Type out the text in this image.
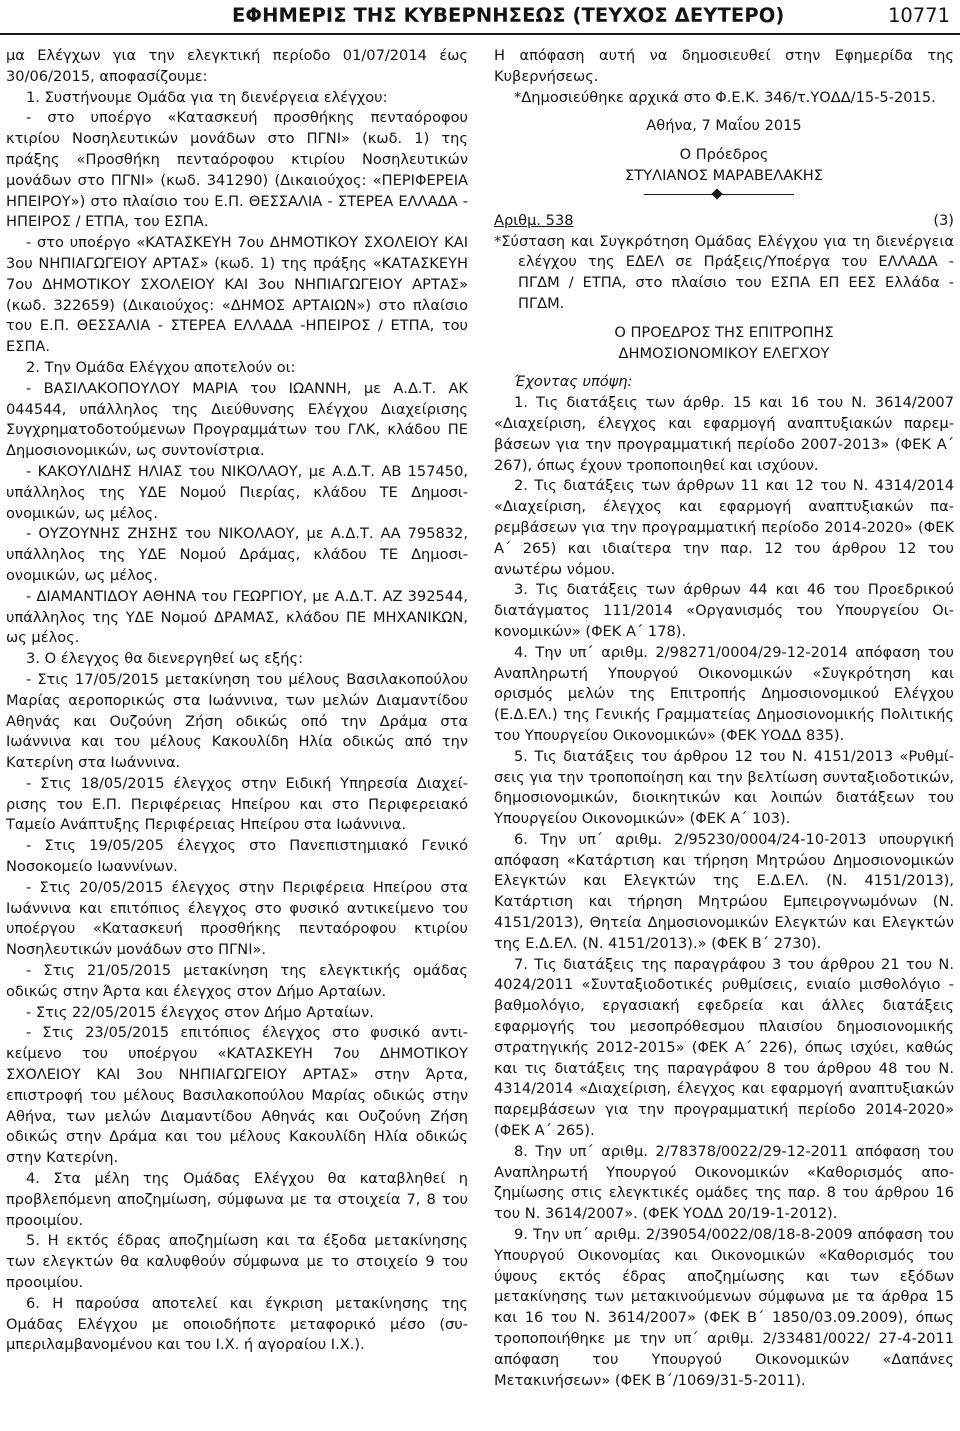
ΕΦΗΜΕΡΙΣ ΤΗΣ ΚΥΒΕΡΝΗΣΕΩΣ (ΤΕΥΧΟΣ ΔΕΥΤΕΡΟ)	10771

μα Ελέγχων για την ελεγκτική περίοδο 01/07/2014 έως 30/06/2015, αποφασίζουμε:

1. Συστήνουμε Ομάδα για τη διενέργεια ελέγχου:

- στο υποέργο «Κατασκευή προσθήκης πενταόροφου κτιρίου Νοσηλευτικών μονάδων στο ΠΓΝΙ» (κωδ. 1) της πράξης «Προσθήκη πενταόροφου κτιρίου Νοσηλευτικών μονάδων στο ΠΓΝΙ» (κωδ. 341290) (Δικαιούχος: «ΠΕΡΙΦΕΡΕΙΑ ΗΠΕΙΡΟΥ») στο πλαίσιο του Ε.Π. ΘΕΣΣΑΛΙΑ - ΣΤΕΡΕΑ ΕΛΛΑΔΑ - ΗΠΕΙΡΟΣ / ΕΤΠΑ, του ΕΣΠΑ.

- στο υποέργο «ΚΑΤΑΣΚΕΥΗ 7ου ΔΗΜΟΤΙΚΟΥ ΣΧΟΛΕΙΟΥ ΚΑΙ 3ου ΝΗΠΙΑΓΩΓΕΙΟΥ ΑΡΤΑΣ» (κωδ. 1) της πράξης «ΚΑΤΑΣΚΕΥΗ 7ου ΔΗΜΟΤΙΚΟΥ ΣΧΟΛΕΙΟΥ ΚΑΙ 3ου ΝΗΠΙΑΓΩΓΕΙΟΥ ΑΡΤΑΣ» (κωδ. 322659) (Δικαιούχος: «ΔΗΜΟΣ ΑΡΤΑΙΩΝ») στο πλαίσιο του Ε.Π. ΘΕΣΣΑΛΙΑ - ΣΤΕΡΕΑ ΕΛΛΑΔΑ -ΗΠΕΙΡΟΣ / ΕΤΠΑ, του ΕΣΠΑ.

2. Την Ομάδα Ελέγχου αποτελούν οι:

- ΒΑΣΙΛΑΚΟΠΟΥΛΟΥ ΜΑΡΙΑ του ΙΩΑΝΝΗ, με Α.Δ.Τ. ΑΚ 044544, υπάλληλος της Διεύθυνσης Ελέγχου Διαχείρισης Συγχρηματοδοτούμενων Προγραμμάτων του ΓΛΚ, κλάδου ΠΕ Δημοσιονομικών, ως συντονίστρια.

- ΚΑΚΟΥΛΙΔΗΣ ΗΛΙΑΣ του ΝΙΚΟΛΑΟΥ, με Α.Δ.Τ. ΑΒ 157450, υπάλληλος της ΥΔΕ Νομού Πιερίας, κλάδου ΤΕ Δημοσιονομικών, ως μέλος.

- ΟΥΖΟΥΝΗΣ ΖΗΣΗΣ του ΝΙΚΟΛΑΟΥ, με Α.Δ.Τ. ΑΑ 795832, υπάλληλος της ΥΔΕ Νομού Δράμας, κλάδου ΤΕ Δημοσιονομικών, ως μέλος.

- ΔΙΑΜΑΝΤΙΔΟΥ ΑΘΗΝΑ του ΓΕΩΡΓΙΟΥ, με Α.Δ.Τ. ΑΖ 392544, υπάλληλος της ΥΔΕ Νομού ΔΡΑΜΑΣ, κλάδου ΠΕ ΜΗΧΑΝΙΚΩΝ, ως μέλος.

3. Ο έλεγχος θα διενεργηθεί ως εξής:

- Στις 17/05/2015 μετακίνηση του μέλους Βασιλακοπούλου Μαρίας αεροπορικώς στα Ιωάννινα, των μελών Διαμαντίδου Αθηνάς και Ουζούνη Ζήση οδικώς οπό την Δράμα στα Ιωάννινα και του μέλους Κακουλίδη Ηλία οδικώς από την Κατερίνη στα Ιωάννινα.

- Στις 18/05/2015 έλεγχος στην Ειδική Υπηρεσία Διαχείρισης του Ε.Π. Περιφέρειας Ηπείρου και στο Περιφερειακό Ταμείο Ανάπτυξης Περιφέρειας Ηπείρου στα Ιωάννινα.

- Στις 19/05/205 έλεγχος στο Πανεπιστημιακό Γενικό Νοσοκομείο Ιωαννίνων.

- Στις 20/05/2015 έλεγχος στην Περιφέρεια Ηπείρου στα Ιωάννινα και επιτόπιος έλεγχος στο φυσικό αντικείμενο του υποέργου «Κατασκευή προσθήκης πενταόροφου κτιρίου Νοσηλευτικών μονάδων στο ΠΓΝΙ».

- Στις 21/05/2015 μετακίνηση της ελεγκτικής ομάδας οδικώς στην Άρτα και έλεγχος στον Δήμο Αρταίων.

- Στις 22/05/2015 έλεγχος στον Δήμο Αρταίων.

- Στις 23/05/2015 επιτόπιος έλεγχος στο φυσικό αντικείμενο του υποέργου «ΚΑΤΑΣΚΕΥΗ 7ου ΔΗΜΟΤΙΚΟΥ ΣΧΟΛΕΙΟΥ ΚΑΙ 3ου ΝΗΠΙΑΓΩΓΕΙΟΥ ΑΡΤΑΣ» στην Άρτα, επιστροφή του μέλους Βασιλακοπούλου Μαρίας οδικώς στην Αθήνα, των μελών Διαμαντίδου Αθηνάς και Ουζούνη Ζήση οδικώς στην Δράμα και του μέλους Κακουλίδη Ηλία οδικώς στην Κατερίνη.

4. Στα μέλη της Ομάδας Ελέγχου θα καταβληθεί η προβλεπόμενη αποζημίωση, σύμφωνα με τα στοιχεία 7, 8 του προοιμίου.

5. Η εκτός έδρας αποζημίωση και τα έξοδα μετακίνησης των ελεγκτών θα καλυφθούν σύμφωνα με το στοιχείο 9 του προοιμίου.

6. Η παρούσα αποτελεί και έγκριση μετακίνησης της Ομάδας Ελέγχου με οποιοδήποτε μεταφορικό μέσο (συμπεριλαμβανομένου και του Ι.Χ. ή αγοραίου Ι.Χ.).

Η απόφαση αυτή να δημοσιευθεί στην Εφημερίδα της Κυβερνήσεως.

*Δημοσιεύθηκε αρχικά στο Φ.Ε.Κ. 346/τ.ΥΟΔΔ/15-5-2015.

Αθήνα, 7 Μαΐου 2015

Ο Πρόεδρος

ΣΤΥΛΙΑΝΟΣ ΜΑΡΑΒΕΛΑΚΗΣ

Αριθμ. 538	(3)

*Σύσταση και Συγκρότηση Ομάδας Ελέγχου για τη διενέργεια ελέγχου της ΕΔΕΛ σε Πράξεις/Υποέργα του ΕΛΛΑΔΑ - ΠΓΔΜ / ΕΤΠΑ, στο πλαίσιο του ΕΣΠΑ ΕΠ ΕΕΣ Ελλάδα - ΠΓΔΜ.

Ο ΠΡΟΕΔΡΟΣ ΤΗΣ ΕΠΙΤΡΟΠΗΣ

ΔΗΜΟΣΙΟΝΟΜΙΚΟΥ ΕΛΕΓΧΟΥ

Έχοντας υπόψη:

1. Τις διατάξεις των άρθρ. 15 και 16 του Ν. 3614/2007 «Διαχείριση, έλεγχος και εφαρμογή αναπτυξιακών παρεμβάσεων για την προγραμματική περίοδο 2007-2013» (ΦΕΚ Α΄ 267), όπως έχουν τροποποιηθεί και ισχύουν.

2. Τις διατάξεις των άρθρων 11 και 12 του Ν. 4314/2014 «Διαχείριση, έλεγχος και εφαρμογή αναπτυξιακών παρεμβάσεων για την προγραμματική περίοδο 2014-2020» (ΦΕΚ Α΄ 265) και ιδιαίτερα την παρ. 12 του άρθρου 12 του ανωτέρω νόμου.

3. Τις διατάξεις των άρθρων 44 και 46 του Προεδρικού διατάγματος 111/2014 «Οργανισμός του Υπουργείου Οικονομικών» (ΦΕΚ Α΄ 178).

4. Την υπ΄ αριθμ. 2/98271/0004/29-12-2014 απόφαση του Αναπληρωτή Υπουργού Οικονομικών «Συγκρότηση και ορισμός μελών της Επιτροπής Δημοσιονομικού Ελέγχου (Ε.Δ.ΕΛ.) της Γενικής Γραμματείας Δημοσιονομικής Πολιτικής του Υπουργείου Οικονομικών» (ΦΕΚ ΥΟΔΔ 835).

5. Τις διατάξεις του άρθρου 12 του Ν. 4151/2013 «Ρυθμίσεις για την τροποποίηση και την βελτίωση συνταξιοδοτικών, δημοσιονομικών, διοικητικών και λοιπών διατάξεων του Υπουργείου Οικονομικών» (ΦΕΚ Α΄ 103).

6. Την υπ΄ αριθμ. 2/95230/0004/24-10-2013 υπουργική απόφαση «Κατάρτιση και τήρηση Μητρώου Δημοσιονομικών Ελεγκτών και Ελεγκτών της Ε.Δ.ΕΛ. (Ν. 4151/2013), Κατάρτιση και τήρηση Μητρώου Εμπειρογνωμόνων (Ν. 4151/2013), Θητεία Δημοσιονομικών Ελεγκτών και Ελεγκτών της Ε.Δ.ΕΛ. (Ν. 4151/2013).» (ΦΕΚ Β΄ 2730).

7. Τις διατάξεις της παραγράφου 3 του άρθρου 21 του Ν. 4024/2011 «Συνταξιοδοτικές ρυθμίσεις, ενιαίο μισθολόγιο - βαθμολόγιο, εργασιακή εφεδρεία και άλλες διατάξεις εφαρμογής του μεσοπρόθεσμου πλαισίου δημοσιονομικής στρατηγικής 2012-2015» (ΦΕΚ Α΄ 226), όπως ισχύει, καθώς και τις διατάξεις της παραγράφου 8 του άρθρου 48 του Ν. 4314/2014 «Διαχείριση, έλεγχος και εφαρμογή αναπτυξιακών παρεμβάσεων για την προγραμματική περίοδο 2014-2020» (ΦΕΚ Α΄ 265).

8. Την υπ΄ αριθμ. 2/78378/0022/29-12-2011 απόφαση του Αναπληρωτή Υπουργού Οικονομικών «Καθορισμός αποζημίωσης στις ελεγκτικές ομάδες της παρ. 8 του άρθρου 16 του Ν. 3614/2007». (ΦΕΚ ΥΟΔΔ 20/19-1-2012).

9. Την υπ΄ αριθμ. 2/39054/0022/08/18-8-2009 απόφαση του Υπουργού Οικονομίας και Οικονομικών «Καθορισμός του ύψους εκτός έδρας αποζημίωσης και των εξόδων μετακίνησης των μετακινούμενων σύμφωνα με τα άρθρα 15 και 16 του Ν. 3614/2007» (ΦΕΚ Β΄ 1850/03.09.2009), όπως τροποποιήθηκε με την υπ΄ αριθμ. 2/33481/0022/ 27-4-2011 απόφαση του Υπουργού Οικονομικών «Δαπάνες Μετακινήσεων» (ΦΕΚ Β΄/1069/31-5-2011).
